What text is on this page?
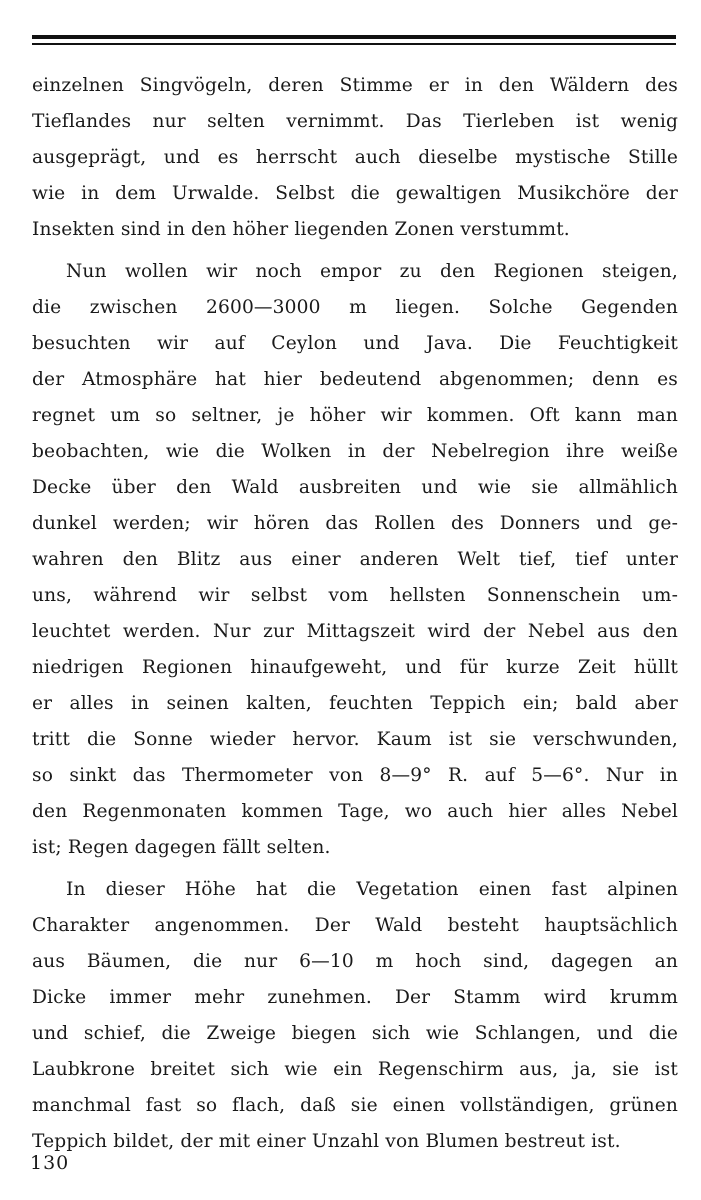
einzelnen Singvögeln, deren Stimme er in den Wäldern des
Tieflandes nur selten vernimmt. Das Tierleben ist wenig
ausgeprägt, und es herrscht auch dieselbe mystische Stille
wie in dem Urwalde. Selbst die gewaltigen Musikchöre der
Insekten sind in den höher liegenden Zonen verstummt.
Nun wollen wir noch empor zu den Regionen steigen,
die zwischen 2600—3000 m liegen. Solche Gegenden
besuchten wir auf Ceylon und Java. Die Feuchtigkeit
der Atmosphäre hat hier bedeutend abgenommen; denn es
regnet um so seltner, je höher wir kommen. Oft kann man
beobachten, wie die Wolken in der Nebelregion ihre weiße
Decke über den Wald ausbreiten und wie sie allmählich
dunkel werden; wir hören das Rollen des Donners und ge-
wahren den Blitz aus einer anderen Welt tief, tief unter
uns, während wir selbst vom hellsten Sonnenschein um-
leuchtet werden. Nur zur Mittagszeit wird der Nebel aus den
niedrigen Regionen hinaufgeweht, und für kurze Zeit hüllt
er alles in seinen kalten, feuchten Teppich ein; bald aber
tritt die Sonne wieder hervor. Kaum ist sie verschwunden,
so sinkt das Thermometer von 8—9° R. auf 5—6°. Nur in
den Regenmonaten kommen Tage, wo auch hier alles Nebel
ist; Regen dagegen fällt selten.
In dieser Höhe hat die Vegetation einen fast alpinen
Charakter angenommen. Der Wald besteht hauptsächlich
aus Bäumen, die nur 6—10 m hoch sind, dagegen an
Dicke immer mehr zunehmen. Der Stamm wird krumm
und schief, die Zweige biegen sich wie Schlangen, und die
Laubkrone breitet sich wie ein Regenschirm aus, ja, sie ist
manchmal fast so flach, daß sie einen vollständigen, grünen
Teppich bildet, der mit einer Unzahl von Blumen bestreut ist.
130
